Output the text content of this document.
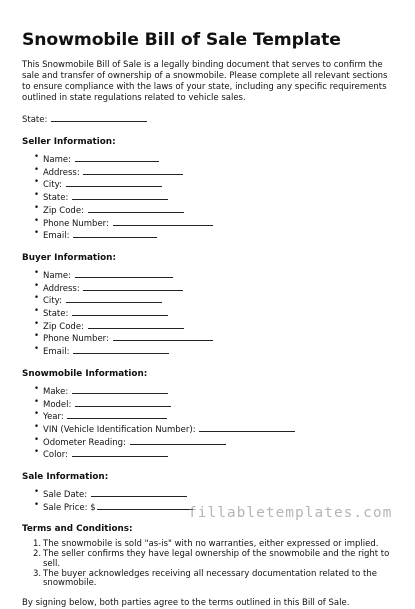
Snowmobile Bill of Sale Template

This Snowmobile Bill of Sale is a legally binding document that serves to confirm the sale and transfer of ownership of a snowmobile. Please complete all relevant sections to ensure compliance with the laws of your state, including any specific requirements outlined in state regulations related to vehicle sales.

State:
Seller Information:
• Name:
• Address:
• City:
• State:
• Zip Code:
• Phone Number:
• Email:
Buyer Information:
• Name:
• Address:
• City:
• State:
• Zip Code:
• Phone Number:
• Email:
Snowmobile Information:
• Make:
• Model:
• Year:
• VIN (Vehicle Identification Number):
• Odometer Reading:
• Color:
Sale Information:
• Sale Date:
• Sale Price: $
Terms and Conditions:
1. The snowmobile is sold "as-is" with no warranties, either expressed or implied.
2. The seller confirms they have legal ownership of the snowmobile and the right to sell.
3. The buyer acknowledges receiving all necessary documentation related to the snowmobile.
By signing below, both parties agree to the terms outlined in this Bill of Sale.
fillabletemplates.com
